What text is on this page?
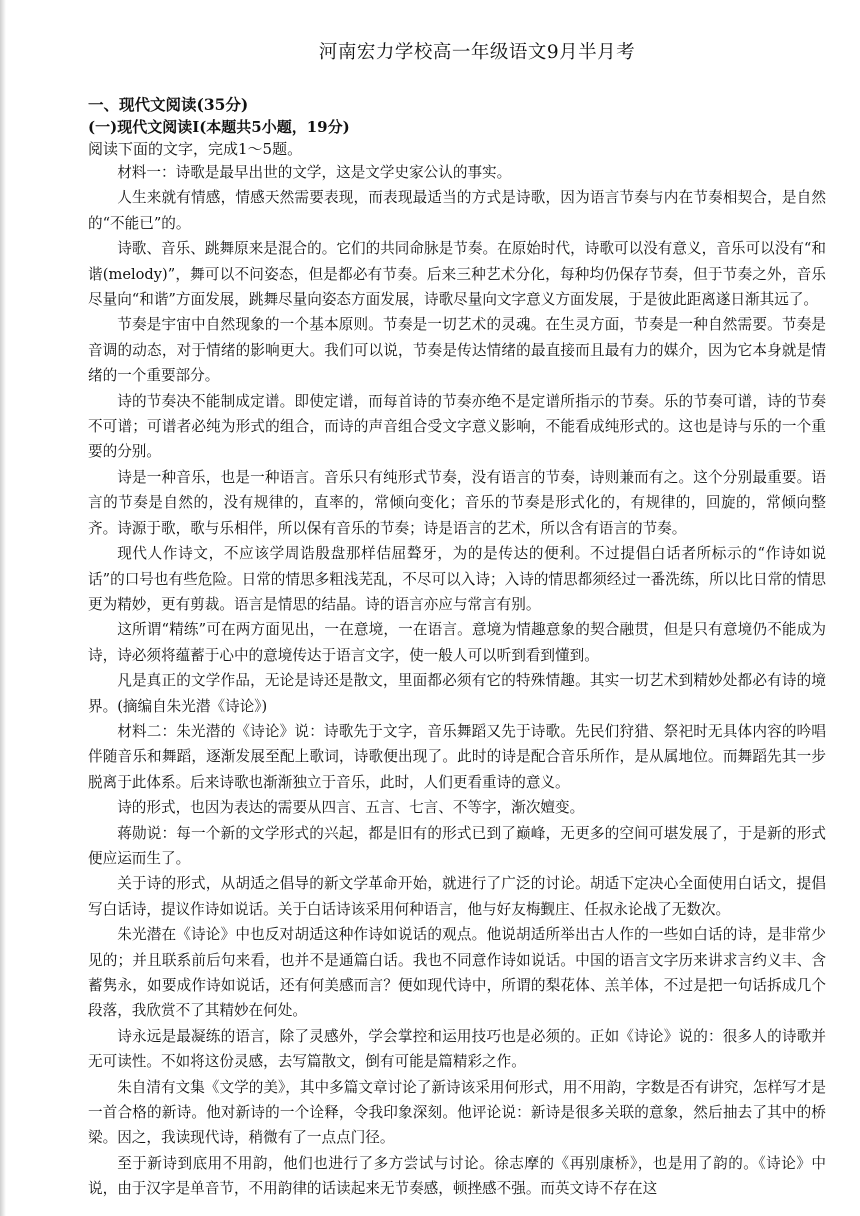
河南宏力学校高一年级语文9月半月考

一、现代文阅读(35分)

(一)现代文阅读Ⅰ(本题共5小题，19分)

阅读下面的文字，完成1～5题。

材料一：诗歌是最早出世的文学，这是文学史家公认的事实。

人生来就有情感，情感天然需要表现，而表现最适当的方式是诗歌，因为语言节奏与内在节奏相契合，是自然的“不能已”的。

诗歌、音乐、跳舞原来是混合的。它们的共同命脉是节奏。在原始时代，诗歌可以没有意义，音乐可以没有“和谐(melody)”，舞可以不问姿态，但是都必有节奏。后来三种艺术分化，每种均仍保存节奏，但于节奏之外，音乐尽量向“和谐”方面发展，跳舞尽量向姿态方面发展，诗歌尽量向文字意义方面发展，于是彼此距离遂日渐其远了。

节奏是宇宙中自然现象的一个基本原则。节奏是一切艺术的灵魂。在生灵方面，节奏是一种自然需要。节奏是音调的动态，对于情绪的影响更大。我们可以说，节奏是传达情绪的最直接而且最有力的媒介，因为它本身就是情绪的一个重要部分。

诗的节奏决不能制成定谱。即使定谱，而每首诗的节奏亦绝不是定谱所指示的节奏。乐的节奏可谱，诗的节奏不可谱；可谱者必纯为形式的组合，而诗的声音组合受文字意义影响，不能看成纯形式的。这也是诗与乐的一个重要的分别。

诗是一种音乐，也是一种语言。音乐只有纯形式节奏，没有语言的节奏，诗则兼而有之。这个分别最重要。语言的节奏是自然的，没有规律的，直率的，常倾向变化；音乐的节奏是形式化的，有规律的，回旋的，常倾向整齐。诗源于歌，歌与乐相伴，所以保有音乐的节奏；诗是语言的艺术，所以含有语言的节奏。

现代人作诗文，不应该学周诰殷盘那样佶屈聱牙，为的是传达的便利。不过提倡白话者所标示的“作诗如说话”的口号也有些危险。日常的情思多粗浅芜乱，不尽可以入诗；入诗的情思都须经过一番洗练，所以比日常的情思更为精妙，更有剪裁。语言是情思的结晶。诗的语言亦应与常言有别。

这所谓“精练”可在两方面见出，一在意境，一在语言。意境为情趣意象的契合融贯，但是只有意境仍不能成为诗，诗必须将蕴蓄于心中的意境传达于语言文字，使一般人可以听到看到懂到。

凡是真正的文学作品，无论是诗还是散文，里面都必须有它的特殊情趣。其实一切艺术到精妙处都必有诗的境界。(摘编自朱光潜《诗论》)

材料二：朱光潜的《诗论》说：诗歌先于文字，音乐舞蹈又先于诗歌。先民们狩猎、祭祀时无具体内容的吟唱伴随音乐和舞蹈，逐渐发展至配上歌词，诗歌便出现了。此时的诗是配合音乐所作，是从属地位。而舞蹈先其一步脱离于此体系。后来诗歌也渐渐独立于音乐，此时，人们更看重诗的意义。

诗的形式，也因为表达的需要从四言、五言、七言、不等字，渐次嬗变。

蒋勋说：每一个新的文学形式的兴起，都是旧有的形式已到了巅峰，无更多的空间可堪发展了，于是新的形式便应运而生了。

关于诗的形式，从胡适之倡导的新文学革命开始，就进行了广泛的讨论。胡适下定决心全面使用白话文，提倡写白话诗，提议作诗如说话。关于白话诗该采用何种语言，他与好友梅觐庄、任叔永论战了无数次。

朱光潜在《诗论》中也反对胡适这种作诗如说话的观点。他说胡适所举出古人作的一些如白话的诗，是非常少见的；并且联系前后句来看，也并不是通篇白话。我也不同意作诗如说话。中国的语言文字历来讲求言约义丰、含蓄隽永，如要成作诗如说话，还有何美感而言？便如现代诗中，所谓的梨花体、羔羊体，不过是把一句话拆成几个段落，我欣赏不了其精妙在何处。

诗永远是最凝练的语言，除了灵感外，学会掌控和运用技巧也是必须的。正如《诗论》说的：很多人的诗歌并无可读性。不如将这份灵感，去写篇散文，倒有可能是篇精彩之作。

朱自清有文集《文学的美》，其中多篇文章讨论了新诗该采用何形式，用不用韵，字数是否有讲究，怎样写才是一首合格的新诗。他对新诗的一个诠释，令我印象深刻。他评论说：新诗是很多关联的意象，然后抽去了其中的桥梁。因之，我读现代诗，稍微有了一点点门径。

至于新诗到底用不用韵，他们也进行了多方尝试与讨论。徐志摩的《再别康桥》，也是用了韵的。《诗论》中说，由于汉字是单音节，不用韵律的话读起来无节奏感，顿挫感不强。而英文诗不存在这
